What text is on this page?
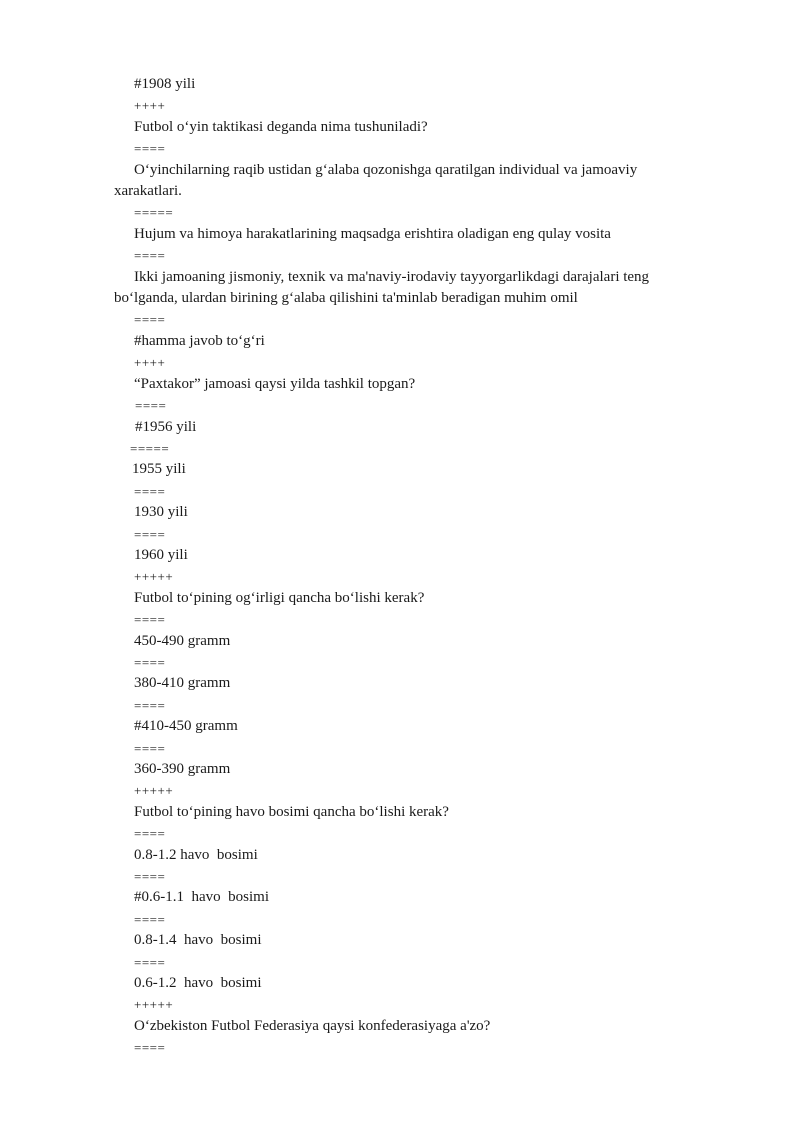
#1908 yili

++++

Futbol o‘yin taktikasi deganda nima tushuniladi?

====

O‘yinchilarning raqib ustidan g‘alaba qozonishga qaratilgan individual va jamoaviy xarakatlari.

=====

Hujum va himoya harakatlarining maqsadga erishtira oladigan eng qulay vosita

====

Ikki jamoaning jismoniy, texnik va ma'naviy-irodaviy tayyorgarlikdagi darajalari teng bo‘lganda, ulardan birining g‘alaba qilishini ta'minlab beradigan muhim omil

====

#hamma javob to‘g‘ri

++++

“Paxtakor” jamoasi qaysi yilda tashkil topgan?

====

#1956 yili

=====

1955 yili

====

1930 yili

====

1960 yili

+++++

Futbol to‘pining og‘irligi qancha bo‘lishi kerak?

====

450-490 gramm

====

380-410 gramm

====

#410-450 gramm

====

360-390 gramm

+++++

Futbol to‘pining havo bosimi qancha bo‘lishi kerak?

====

0.8-1.2 havo  bosimi

====

#0.6-1.1  havo  bosimi

====

0.8-1.4  havo  bosimi

====

0.6-1.2  havo  bosimi

+++++

O‘zbekiston Futbol Federasiya qaysi konfederasiyaga a'zo?

====
